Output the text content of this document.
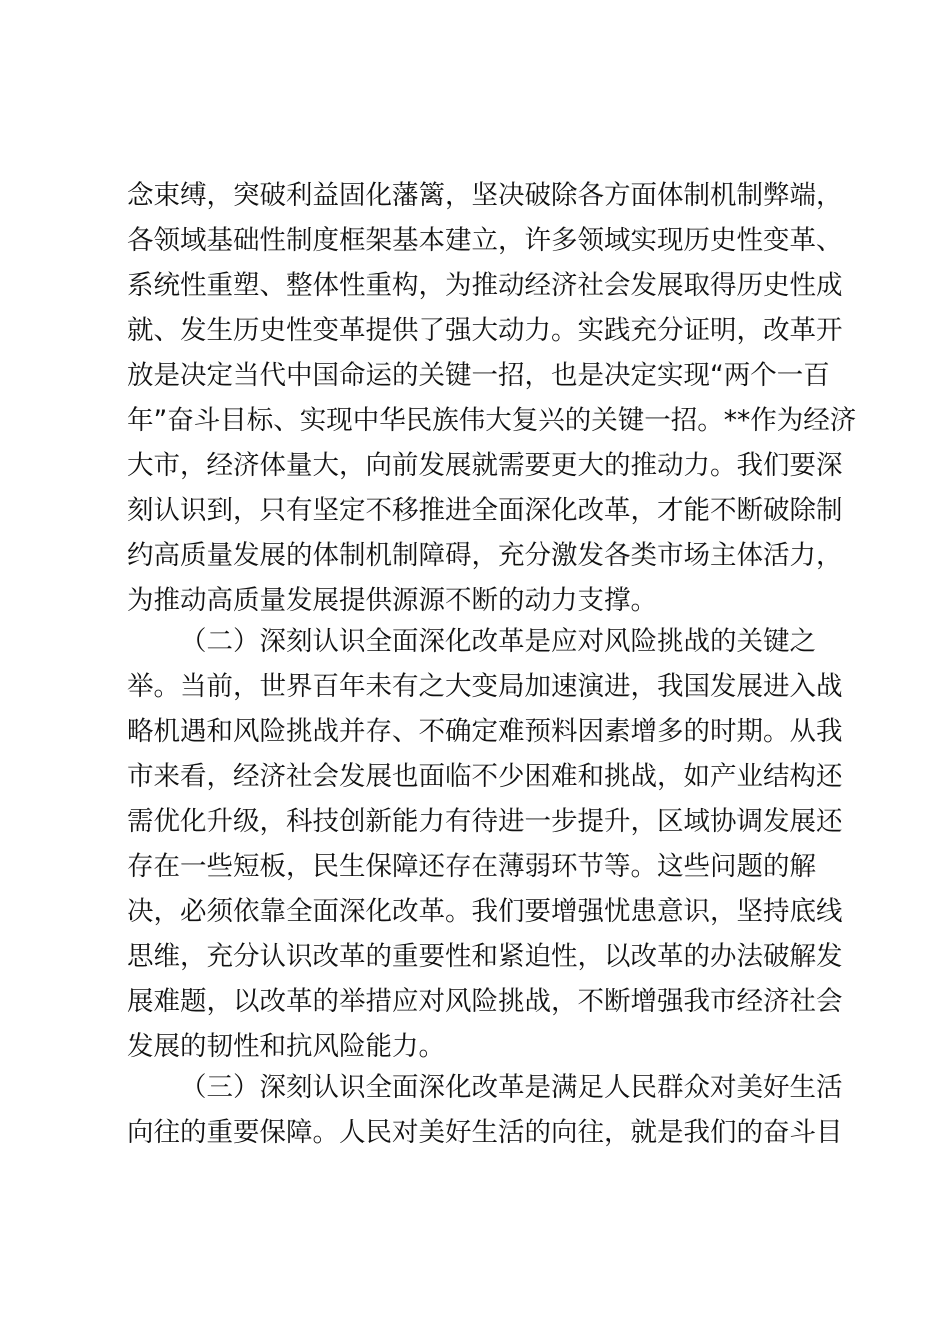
念束缚，突破利益固化藩篱，坚决破除各方面体制机制弊端，
各领域基础性制度框架基本建立，许多领域实现历史性变革、
系统性重塑、整体性重构，为推动经济社会发展取得历史性成
就、发生历史性变革提供了强大动力。实践充分证明，改革开
放是决定当代中国命运的关键一招，也是决定实现“两个一百
年”奋斗目标、实现中华民族伟大复兴的关键一招。**作为经济
大市，经济体量大，向前发展就需要更大的推动力。我们要深
刻认识到，只有坚定不移推进全面深化改革，才能不断破除制
约高质量发展的体制机制障碍，充分激发各类市场主体活力，
为推动高质量发展提供源源不断的动力支撑。
（二）深刻认识全面深化改革是应对风险挑战的关键之
举。当前，世界百年未有之大变局加速演进，我国发展进入战
略机遇和风险挑战并存、不确定难预料因素增多的时期。从我
市来看，经济社会发展也面临不少困难和挑战，如产业结构还
需优化升级，科技创新能力有待进一步提升，区域协调发展还
存在一些短板，民生保障还存在薄弱环节等。这些问题的解
决，必须依靠全面深化改革。我们要增强忧患意识，坚持底线
思维，充分认识改革的重要性和紧迫性，以改革的办法破解发
展难题，以改革的举措应对风险挑战，不断增强我市经济社会
发展的韧性和抗风险能力。
（三）深刻认识全面深化改革是满足人民群众对美好生活
向往的重要保障。人民对美好生活的向往，就是我们的奋斗目
